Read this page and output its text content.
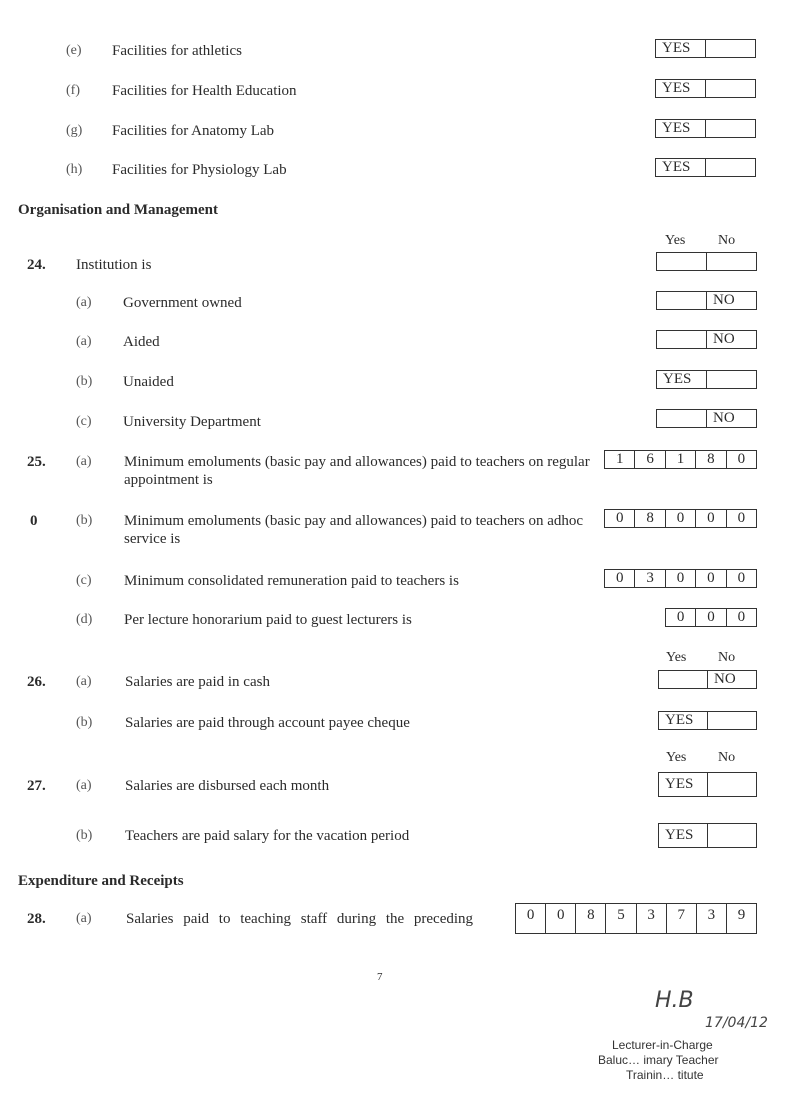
(e) Facilities for athletics	YES
(f) Facilities for Health Education	YES
(g) Facilities for Anatomy Lab	YES
(h) Facilities for Physiology Lab	YES
Organisation and Management
Yes No
24. Institution is
(a) Government owned	NO
(a) Aided	NO
(b) Unaided	YES
(c) University Department	NO
25. (a) Minimum emoluments (basic pay and allowances) paid to teachers on regular appointment is
1	6	1	8	0
0	(b) Minimum emoluments (basic pay and allowances) paid to teachers on adhoc service is
0	8	0	0	0
(c) Minimum consolidated remuneration paid to teachers is	0	3	0	0	0
(d) Per lecture honorarium paid to guest lecturers is	0	0	0
Yes No
26. (a) Salaries are paid in cash	NO
(b) Salaries are paid through account payee cheque	YES
Yes No
27. (a) Salaries are disbursed each month	YES
(b) Teachers are paid salary for the vacation period	YES
Expenditure and Receipts
28. (a) Salaries paid to teaching staff during the preceding	0	0	8	5	3	7	3	9
7
H.B
17/04/12
Lecturer-in-Charge
Baluc… imary Teacher
Trainin… titute
